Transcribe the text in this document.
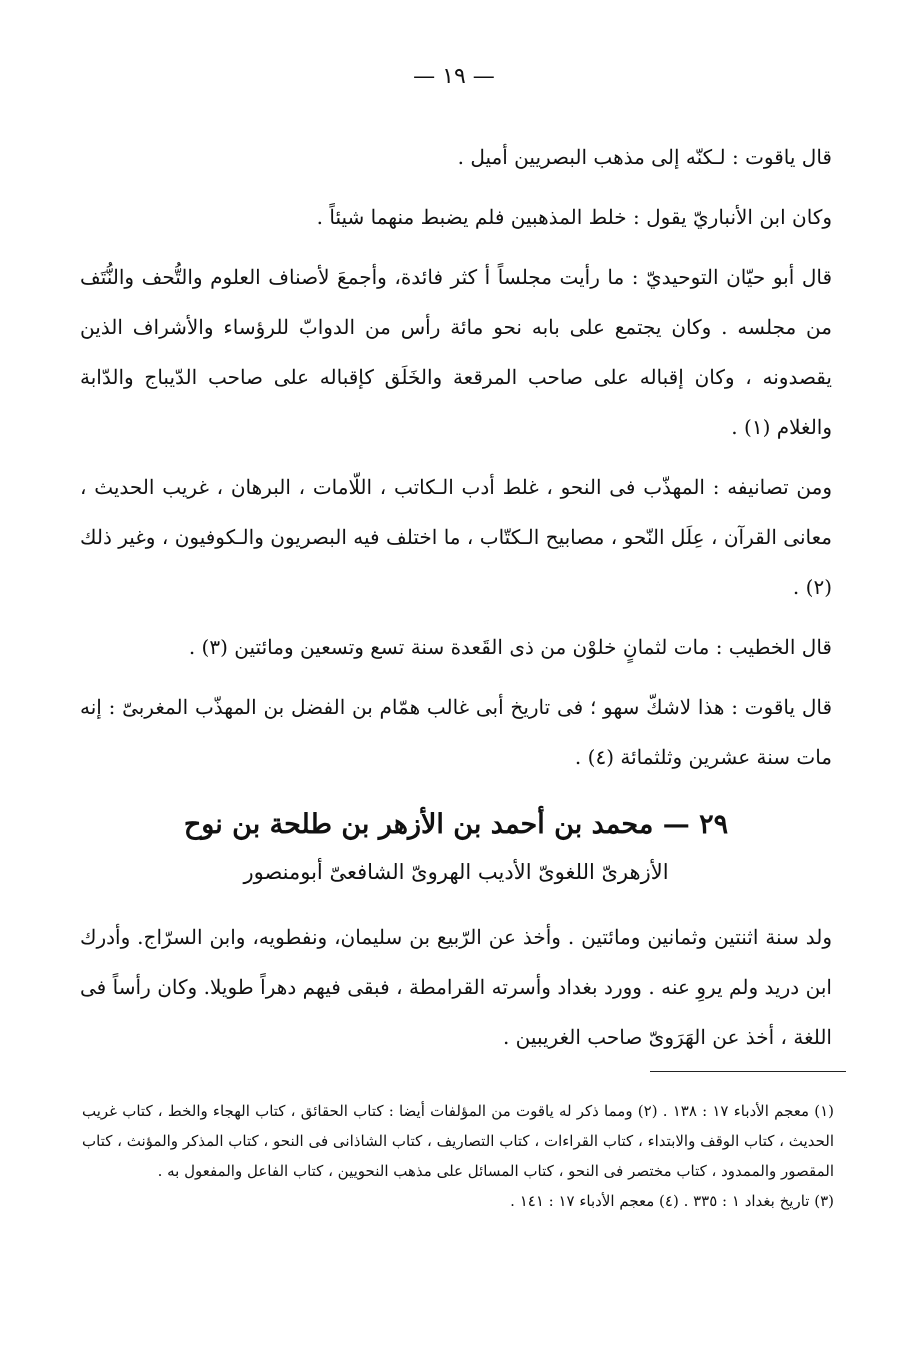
— ١٩ —

قال ياقوت : لـكنّه إلى مذهب البصريين أميل .

وكان ابن الأنباريّ يقول : خلط المذهبين فلم يضبط منهما شيئاً .

قال أبو حيّان التوحيديّ : ما رأيت مجلساً أ كثر فائدة، وأجمعَ لأصناف العلوم والتُّحف والنُّتَف من مجلسه . وكان يجتمع على بابه نحو مائة رأس من الدوابّ للرؤساء والأشراف الذين يقصدونه ، وكان إقباله على صاحب المرقعة والخَلَق كإقباله على صاحب الدّيباج والدّابة والغلام (١) .

ومن تصانيفه : المهذّب فى النحو ، غلط أدب الـكاتب ، اللّامات ، البرهان ، غريب الحديث ، معانى القرآن ، عِلَل النّحو ، مصابيح الـكتّاب ، ما اختلف فيه البصريون والـكوفيون ، وغير ذلك (٢) .

قال الخطيب : مات لثمانٍ خلوْن من ذى القَعدة سنة تسع وتسعين ومائتين (٣) .

قال ياقوت : هذا لاشكّ سهو ؛ فى تاريخ أبى غالب همّام بن الفضل بن المهذّب المغربىّ : إنه مات سنة عشرين وثلثمائة (٤) .

٢٩ — محمد بن أحمد بن الأزهر بن طلحة بن نوح
الأزهرىّ اللغوىّ الأديب الهروىّ الشافعىّ أبومنصور

ولد سنة اثنتين وثمانين ومائتين . وأخذ عن الرّبيع بن سليمان، ونفطويه، وابن السرّاج. وأدرك ابن دريد ولم يروِ عنه . وورد بغداد وأسرته القرامطة ، فبقى فيهم دهراً طويلا. وكان رأساً فى اللغة ، أخذ عن الهَرَوىّ صاحب الغريبين .

(١) معجم الأدباء ١٧ : ١٣٨ . (٢) ومما ذكر له ياقوت من المؤلفات أيضا : كتاب الحقائق ، كتاب الهجاء والخط ، كتاب غريب الحديث ، كتاب الوقف والابتداء ، كتاب القراءات ، كتاب التصاريف ، كتاب الشاذانى فى النحو ، كتاب المذكر والمؤنث ، كتاب المقصور والممدود ، كتاب مختصر فى النحو ، كتاب المسائل على مذهب النحويين ، كتاب الفاعل والمفعول به .

(٣) تاريخ بغداد ١ : ٣٣٥ . (٤) معجم الأدباء ١٧ : ١٤١ .
